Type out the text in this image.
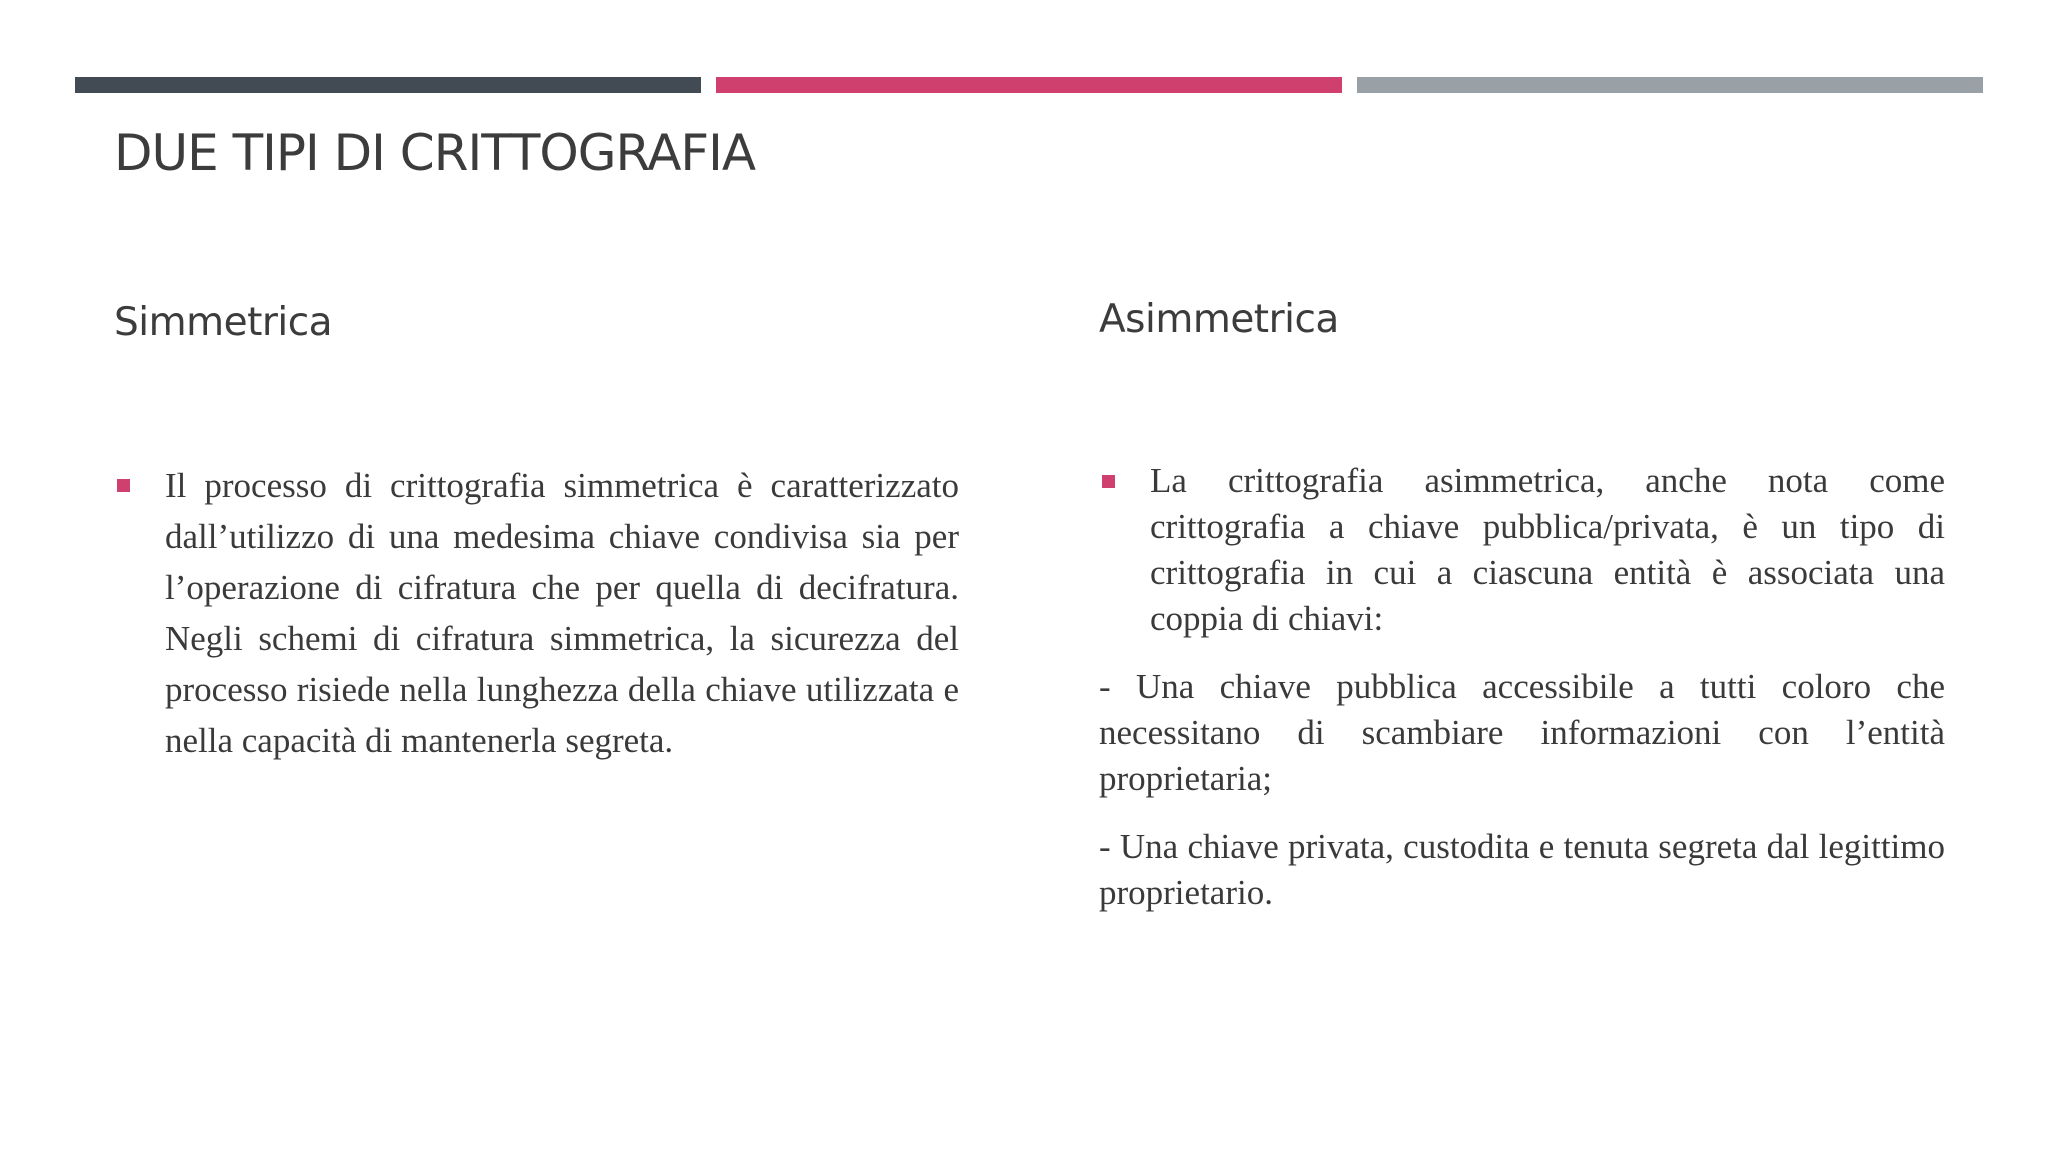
DUE TIPI DI CRITTOGRAFIA
Simmetrica	Asimmetrica

Il processo di crittografia simmetrica è caratterizzato dall’utilizzo di una medesima chiave condivisa sia per l’operazione di cifratura che per quella di decifratura. Negli schemi di cifratura simmetrica, la sicurezza del processo risiede nella lunghezza della chiave utilizzata e nella capacità di mantenerla segreta.

La crittografia asimmetrica, anche nota come crittografia a chiave pubblica/privata, è un tipo di crittografia in cui a ciascuna entità è associata una coppia di chiavi:

- Una chiave pubblica accessibile a tutti coloro che necessitano di scambiare informazioni con l’entità proprietaria;

- Una chiave privata, custodita e tenuta segreta dal legittimo proprietario.
